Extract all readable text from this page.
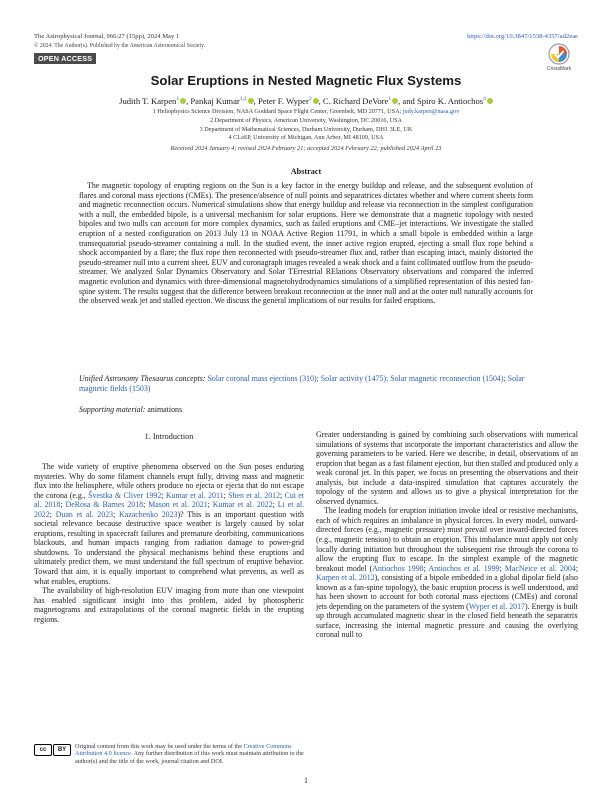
The Astrophysical Journal, 966:27 (15pp), 2024 May 1	https://doi.org/10.3847/1538-4357/ad2eae
© 2024. The Author(s). Published by the American Astronomical Society.
OPEN ACCESS
CrossMark
Solar Eruptions in Nested Magnetic Flux Systems
Judith T. Karpen$^1$ , Pankaj Kumar$^{1,2}$ , Peter F. Wyper$^3$ , C. Richard DeVore$^1$ , and Spiro K. Antiochos$^4$
1 Heliophysics Science Division, NASA Goddard Space Flight Center, Greenbelt, MD 20771, USA; judy.karpen@nasa.gov
2 Department of Physics, American University, Washington, DC 20016, USA
3 Department of Mathematical Sciences, Durham University, Durham, DH1 3LE, UK
4 CLaSP, University of Michigan, Ann Arbor, MI 48109, USA
Received 2024 January 4; revised 2024 February 21; accepted 2024 February 22; published 2024 April 23
Abstract
The magnetic topology of erupting regions on the Sun is a key factor in the energy buildup and release, and the subsequent evolution of flares and coronal mass ejections (CMEs). The presence/absence of null points and separatrices dictates whether and where current sheets form and magnetic reconnection occurs. Numerical simulations show that energy buildup and release via reconnection in the simplest configuration with a null, the embedded bipole, is a universal mechanism for solar eruptions. Here we demonstrate that a magnetic topology with nested bipoles and two nulls can account for more complex dynamics, such as failed eruptions and CME–jet interactions. We investigate the stalled eruption of a nested configuration on 2013 July 13 in NOAA Active Region 11791, in which a small bipole is embedded within a large transequatorial pseudo-streamer containing a null. In the studied event, the inner active region erupted, ejecting a small flux rope behind a shock accompanied by a flare; the flux rope then reconnected with pseudo-streamer flux and, rather than escaping intact, mainly distorted the pseudo-streamer null into a current sheet. EUV and coronagraph images revealed a weak shock and a faint collimated outflow from the pseudo-streamer. We analyzed Solar Dynamics Observatory and Solar TErrestrial RElations Observatory observations and compared the inferred magnetic evolution and dynamics with three-dimensional magnetohydrodynamics simulations of a simplified representation of this nested fan-spine system. The results suggest that the difference between breakout reconnection at the inner null and at the outer null naturally accounts for the observed weak jet and stalled ejection. We discuss the general implications of our results for failed eruptions.
Unified Astronomy Thesaurus concepts: Solar coronal mass ejections (310); Solar activity (1475); Solar magnetic reconnection (1504); Solar magnetic fields (1503)
Supporting material: animations
1. Introduction

The wide variety of eruptive phenomena observed on the Sun poses enduring mysteries. Why do some filament channels erupt fully, driving mass and magnetic flux into the heliosphere, while others produce no ejecta or ejecta that do not escape the corona (e.g., Švestka & Cliver 1992; Kumar et al. 2011; Shen et al. 2012; Cui et al. 2018; DeRosa & Barnes 2018; Mason et al. 2021; Kumar et al. 2022; Li et al. 2022; Duan et al. 2023; Kazachenko 2023)? This is an important question with societal relevance because destructive space weather is largely caused by solar eruptions, resulting in spacecraft failures and premature deorbiting, communications blackouts, and human impacts ranging from radiation damage to power-grid shutdowns. To understand the physical mechanisms behind these eruptions and ultimately predict them, we must understand the full spectrum of eruptive behavior. Toward that aim, it is equally important to comprehend what prevents, as well as what enables, eruptions.

The availability of high-resolution EUV imaging from more than one viewpoint has enabled significant insight into this problem, aided by photospheric magnetograms and extrapolations of the coronal magnetic fields in the erupting regions.

Greater understanding is gained by combining such observations with numerical simulations of systems that incorporate the important characteristics and allow the governing parameters to be varied. Here we describe, in detail, observations of an eruption that began as a fast filament ejection, but then stalled and produced only a weak coronal jet. In this paper, we focus on presenting the observations and their analysis, but include a data-inspired simulation that captures accurately the topology of the system and allows us to give a physical interpretation for the observed dynamics.

The leading models for eruption initiation invoke ideal or resistive mechanisms, each of which requires an imbalance in physical forces. In every model, outward-directed forces (e.g., magnetic pressure) must prevail over inward-directed forces (e.g., magnetic tension) to obtain an eruption. This imbalance must apply not only locally during initiation but throughout the subsequent rise through the corona to allow the erupting flux to escape. In the simplest example of the magnetic breakout model (Antiochos 1998; Antiochos et al. 1999; MacNeice et al. 2004; Karpen et al. 2012), consisting of a bipole embedded in a global dipolar field (also known as a fan-spine topology), the basic eruption process is well understood, and has been shown to account for both coronal mass ejections (CMEs) and coronal jets depending on the parameters of the system (Wyper et al. 2017). Energy is built up through accumulated magnetic shear in the closed field beneath the separatrix surface, increasing the internal magnetic pressure and causing the overlying coronal null to

cc	BY	Original content from this work may be used under the terms of the Creative Commons Attribution 4.0 licence. Any further distribution of this work must maintain attribution to the author(s) and the title of the work, journal citation and DOI.

1
